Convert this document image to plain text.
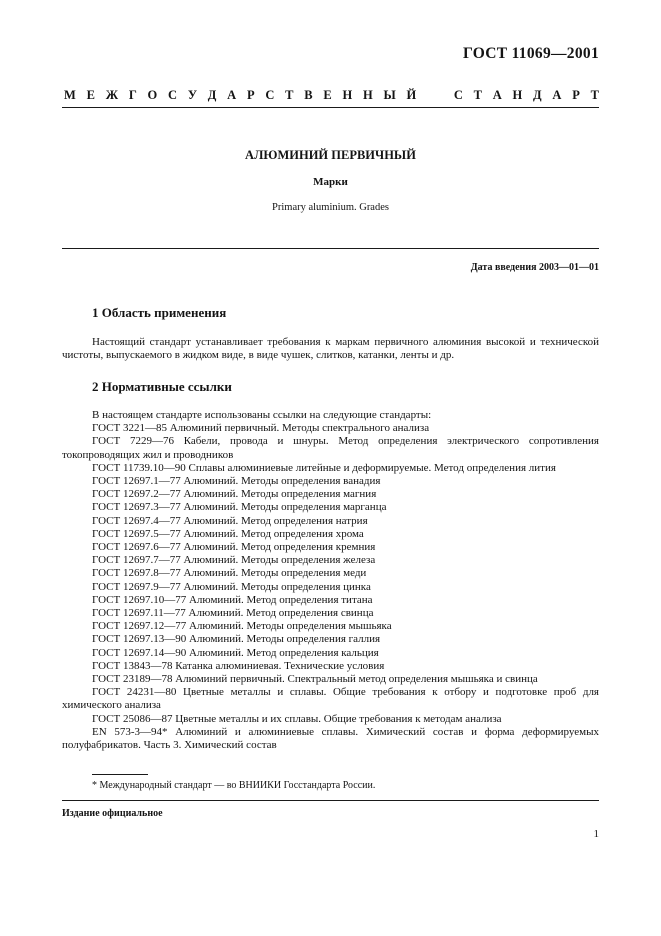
ГОСТ 11069—2001
М Е Ж Г О С У Д А Р С Т В Е Н Н Ы Й	С Т А Н Д А Р Т
АЛЮМИНИЙ ПЕРВИЧНЫЙ
Марки
Primary aluminium. Grades
Дата введения 2003—01—01
1 Область применения
Настоящий стандарт устанавливает требования к маркам первичного алюминия высокой и технической чистоты, выпускаемого в жидком виде, в виде чушек, слитков, катанки, ленты и др.
2 Нормативные ссылки
В настоящем стандарте использованы ссылки на следующие стандарты:
ГОСТ 3221—85 Алюминий первичный. Методы спектрального анализа
ГОСТ 7229—76 Кабели, провода и шнуры. Метод определения электрического сопротивления токопроводящих жил и проводников
ГОСТ 11739.10—90 Сплавы алюминиевые литейные и деформируемые. Метод определения лития
ГОСТ 12697.1—77 Алюминий. Методы определения ванадия
ГОСТ 12697.2—77 Алюминий. Методы определения магния
ГОСТ 12697.3—77 Алюминий. Методы определения марганца
ГОСТ 12697.4—77 Алюминий. Метод определения натрия
ГОСТ 12697.5—77 Алюминий. Метод определения хрома
ГОСТ 12697.6—77 Алюминий. Метод определения кремния
ГОСТ 12697.7—77 Алюминий. Методы определения железа
ГОСТ 12697.8—77 Алюминий. Методы определения меди
ГОСТ 12697.9—77 Алюминий. Методы определения цинка
ГОСТ 12697.10—77 Алюминий. Метод определения титана
ГОСТ 12697.11—77 Алюминий. Метод определения свинца
ГОСТ 12697.12—77 Алюминий. Методы определения мышьяка
ГОСТ 12697.13—90 Алюминий. Методы определения галлия
ГОСТ 12697.14—90 Алюминий. Метод определения кальция
ГОСТ 13843—78 Катанка алюминиевая. Технические условия
ГОСТ 23189—78 Алюминий первичный. Спектральный метод определения мышьяка и свинца
ГОСТ 24231—80 Цветные металлы и сплавы. Общие требования к отбору и подготовке проб для химического анализа
ГОСТ 25086—87 Цветные металлы и их сплавы. Общие требования к методам анализа
EN 573-3—94* Алюминий и алюминиевые сплавы. Химический состав и форма деформируемых полуфабрикатов. Часть 3. Химический состав
* Международный стандарт — во ВНИИКИ Госстандарта России.
Издание официальное
1
